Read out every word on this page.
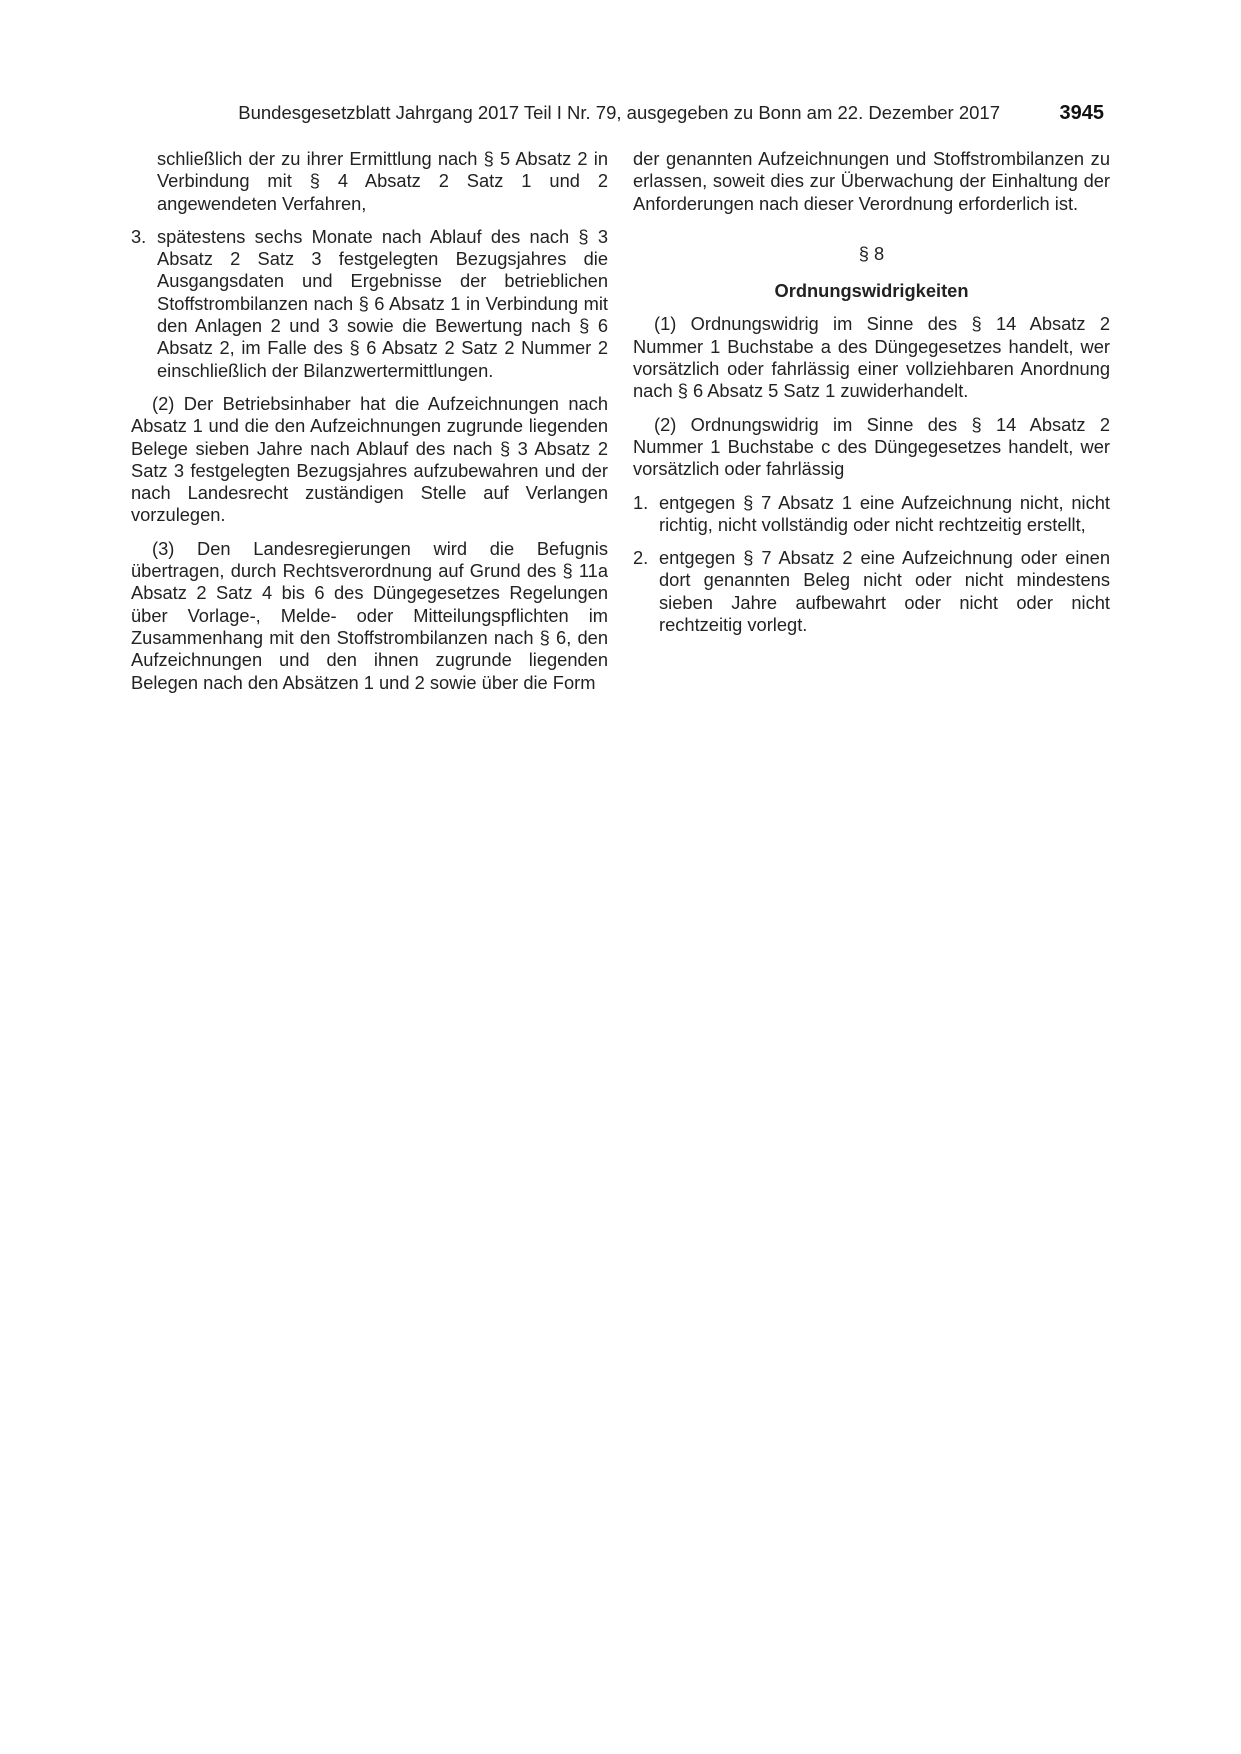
Bundesgesetzblatt Jahrgang 2017 Teil I Nr. 79, ausgegeben zu Bonn am 22. Dezember 2017	3945

schließlich der zu ihrer Ermittlung nach § 5 Absatz 2 in Verbindung mit § 4 Absatz 2 Satz 1 und 2 angewendeten Verfahren,

3. spätestens sechs Monate nach Ablauf des nach § 3 Absatz 2 Satz 3 festgelegten Bezugsjahres die Ausgangsdaten und Ergebnisse der betrieblichen Stoffstrombilanzen nach § 6 Absatz 1 in Verbindung mit den Anlagen 2 und 3 sowie die Bewertung nach § 6 Absatz 2, im Falle des § 6 Absatz 2 Satz 2 Nummer 2 einschließlich der Bilanzwertermittlungen.

(2) Der Betriebsinhaber hat die Aufzeichnungen nach Absatz 1 und die den Aufzeichnungen zugrunde liegenden Belege sieben Jahre nach Ablauf des nach § 3 Absatz 2 Satz 3 festgelegten Bezugsjahres aufzubewahren und der nach Landesrecht zuständigen Stelle auf Verlangen vorzulegen.

(3) Den Landesregierungen wird die Befugnis übertragen, durch Rechtsverordnung auf Grund des § 11a Absatz 2 Satz 4 bis 6 des Düngegesetzes Regelungen über Vorlage-, Melde- oder Mitteilungspflichten im Zusammenhang mit den Stoffstrombilanzen nach § 6, den Aufzeichnungen und den ihnen zugrunde liegenden Belegen nach den Absätzen 1 und 2 sowie über die Form

der genannten Aufzeichnungen und Stoffstrombilanzen zu erlassen, soweit dies zur Überwachung der Einhaltung der Anforderungen nach dieser Verordnung erforderlich ist.

§ 8
Ordnungswidrigkeiten

(1) Ordnungswidrig im Sinne des § 14 Absatz 2 Nummer 1 Buchstabe a des Düngegesetzes handelt, wer vorsätzlich oder fahrlässig einer vollziehbaren Anordnung nach § 6 Absatz 5 Satz 1 zuwiderhandelt.

(2) Ordnungswidrig im Sinne des § 14 Absatz 2 Nummer 1 Buchstabe c des Düngegesetzes handelt, wer vorsätzlich oder fahrlässig

1. entgegen § 7 Absatz 1 eine Aufzeichnung nicht, nicht richtig, nicht vollständig oder nicht rechtzeitig erstellt,
2. entgegen § 7 Absatz 2 eine Aufzeichnung oder einen dort genannten Beleg nicht oder nicht mindestens sieben Jahre aufbewahrt oder nicht oder nicht rechtzeitig vorlegt.
